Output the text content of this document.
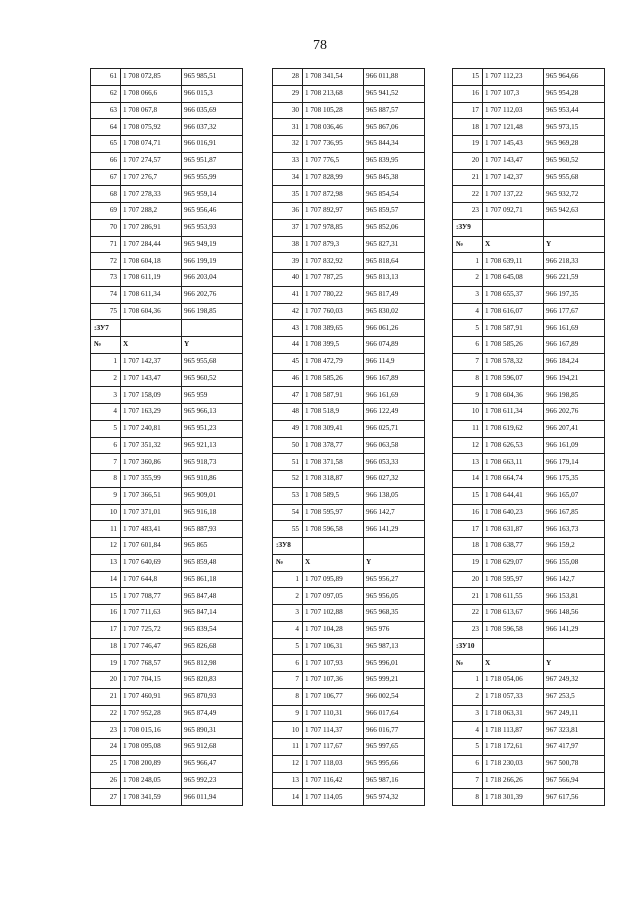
78
61	1 708 072,85	965 985,51
62	1 708 066,6	966 015,3
63	1 708 067,8	966 035,69
64	1 708 075,92	966 037,32
65	1 708 074,71	966 016,91
66	1 707 274,57	965 951,87
67	1 707 276,7	965 955,99
68	1 707 278,33	965 959,14
69	1 707 288,2	965 956,46
70	1 707 286,91	965 953,93
71	1 707 284,44	965 949,19
72	1 708 604,18	966 199,19
73	1 708 611,19	966 203,04
74	1 708 611,34	966 202,76
75	1 708 604,36	966 198,85
:ЗУ7		
№	X	Y
1	1 707 142,37	965 955,68
2	1 707 143,47	965 960,52
3	1 707 158,09	965 959
4	1 707 163,29	965 966,13
5	1 707 240,81	965 951,23
6	1 707 351,32	965 921,13
7	1 707 360,86	965 918,73
8	1 707 355,99	965 910,86
9	1 707 366,51	965 909,01
10	1 707 371,01	965 916,18
11	1 707 483,41	965 887,93
12	1 707 601,84	965 865
13	1 707 640,69	965 859,48
14	1 707 644,8	965 861,18
15	1 707 708,77	965 847,48
16	1 707 711,63	965 847,14
17	1 707 725,72	965 839,54
18	1 707 746,47	965 826,68
19	1 707 768,57	965 812,98
20	1 707 704,15	965 820,83
21	1 707 460,91	965 870,93
22	1 707 952,28	965 874,49
23	1 708 015,16	965 890,31
24	1 708 095,08	965 912,68
25	1 708 200,89	965 966,47
26	1 708 248,05	965 992,23
27	1 708 341,59	966 011,94
28	1 708 341,54	966 011,88
29	1 708 213,68	965 941,52
30	1 708 105,28	965 887,57
31	1 708 036,46	965 867,06
32	1 707 736,95	965 844,34
33	1 707 776,5	965 839,95
34	1 707 828,99	965 845,38
35	1 707 872,98	965 854,54
36	1 707 892,97	965 859,57
37	1 707 978,85	965 852,06
38	1 707 879,3	965 827,31
39	1 707 832,92	965 818,64
40	1 707 787,25	965 813,13
41	1 707 780,22	965 817,49
42	1 707 760,03	965 830,02
43	1 708 389,65	966 061,26
44	1 708 399,5	966 074,89
45	1 708 472,79	966 114,9
46	1 708 585,26	966 167,89
47	1 708 587,91	966 161,69
48	1 708 518,9	966 122,49
49	1 708 309,41	966 025,71
50	1 708 378,77	966 063,58
51	1 708 371,58	966 053,33
52	1 708 318,87	966 027,32
53	1 708 589,5	966 138,05
54	1 708 595,97	966 142,7
55	1 708 596,58	966 141,29
:ЗУ8		
№	X	Y
1	1 707 095,89	965 956,27
2	1 707 097,05	965 956,05
3	1 707 102,88	965 968,35
4	1 707 104,28	965 976
5	1 707 106,31	965 987,13
6	1 707 107,93	965 996,01
7	1 707 107,36	965 999,21
8	1 707 106,77	966 002,54
9	1 707 110,31	966 017,64
10	1 707 114,37	966 016,77
11	1 707 117,67	965 997,65
12	1 707 118,03	965 995,66
13	1 707 116,42	965 987,16
14	1 707 114,05	965 974,32
15	1 707 112,23	965 964,66
16	1 707 107,3	965 954,28
17	1 707 112,03	965 953,44
18	1 707 121,48	965 973,15
19	1 707 145,43	965 969,28
20	1 707 143,47	965 960,52
21	1 707 142,37	965 955,68
22	1 707 137,22	965 932,72
23	1 707 092,71	965 942,63
:ЗУ9		
№	X	Y
1	1 708 639,11	966 218,33
2	1 708 645,08	966 221,59
3	1 708 655,37	966 197,35
4	1 708 616,07	966 177,67
5	1 708 587,91	966 161,69
6	1 708 585,26	966 167,89
7	1 708 578,32	966 184,24
8	1 708 596,07	966 194,21
9	1 708 604,36	966 198,85
10	1 708 611,34	966 202,76
11	1 708 619,62	966 207,41
12	1 708 626,53	966 161,09
13	1 708 663,11	966 179,14
14	1 708 664,74	966 175,35
15	1 708 644,41	966 165,07
16	1 708 640,23	966 167,85
17	1 708 631,87	966 163,73
18	1 708 638,77	966 159,2
19	1 708 629,07	966 155,08
20	1 708 595,97	966 142,7
21	1 708 611,55	966 153,81
22	1 708 613,67	966 148,56
23	1 708 596,58	966 141,29
:ЗУ10		
№	X	Y
1	1 718 054,06	967 249,32
2	1 718 057,33	967 253,5
3	1 718 063,31	967 249,11
4	1 718 113,87	967 323,81
5	1 718 172,61	967 417,97
6	1 718 230,03	967 500,78
7	1 718 266,26	967 566,94
8	1 718 301,39	967 617,56
